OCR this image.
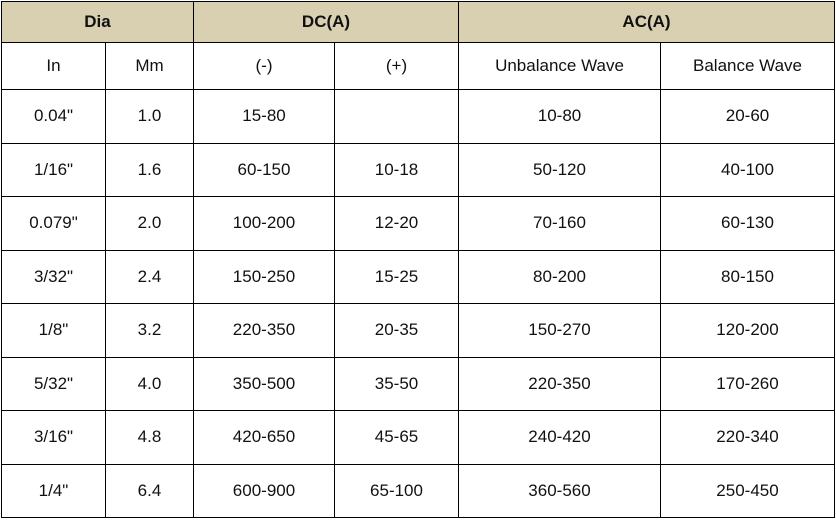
Dia		DC(A)		AC(A)	
In	Mm	(-)	(+)	Unbalance Wave	Balance Wave
0.04"	1.0	15-80		10-80	20-60
1/16"	1.6	60-150	10-18	50-120	40-100
0.079"	2.0	100-200	12-20	70-160	60-130
3/32"	2.4	150-250	15-25	80-200	80-150
1/8"	3.2	220-350	20-35	150-270	120-200
5/32"	4.0	350-500	35-50	220-350	170-260
3/16"	4.8	420-650	45-65	240-420	220-340
1/4"	6.4	600-900	65-100	360-560	250-450
